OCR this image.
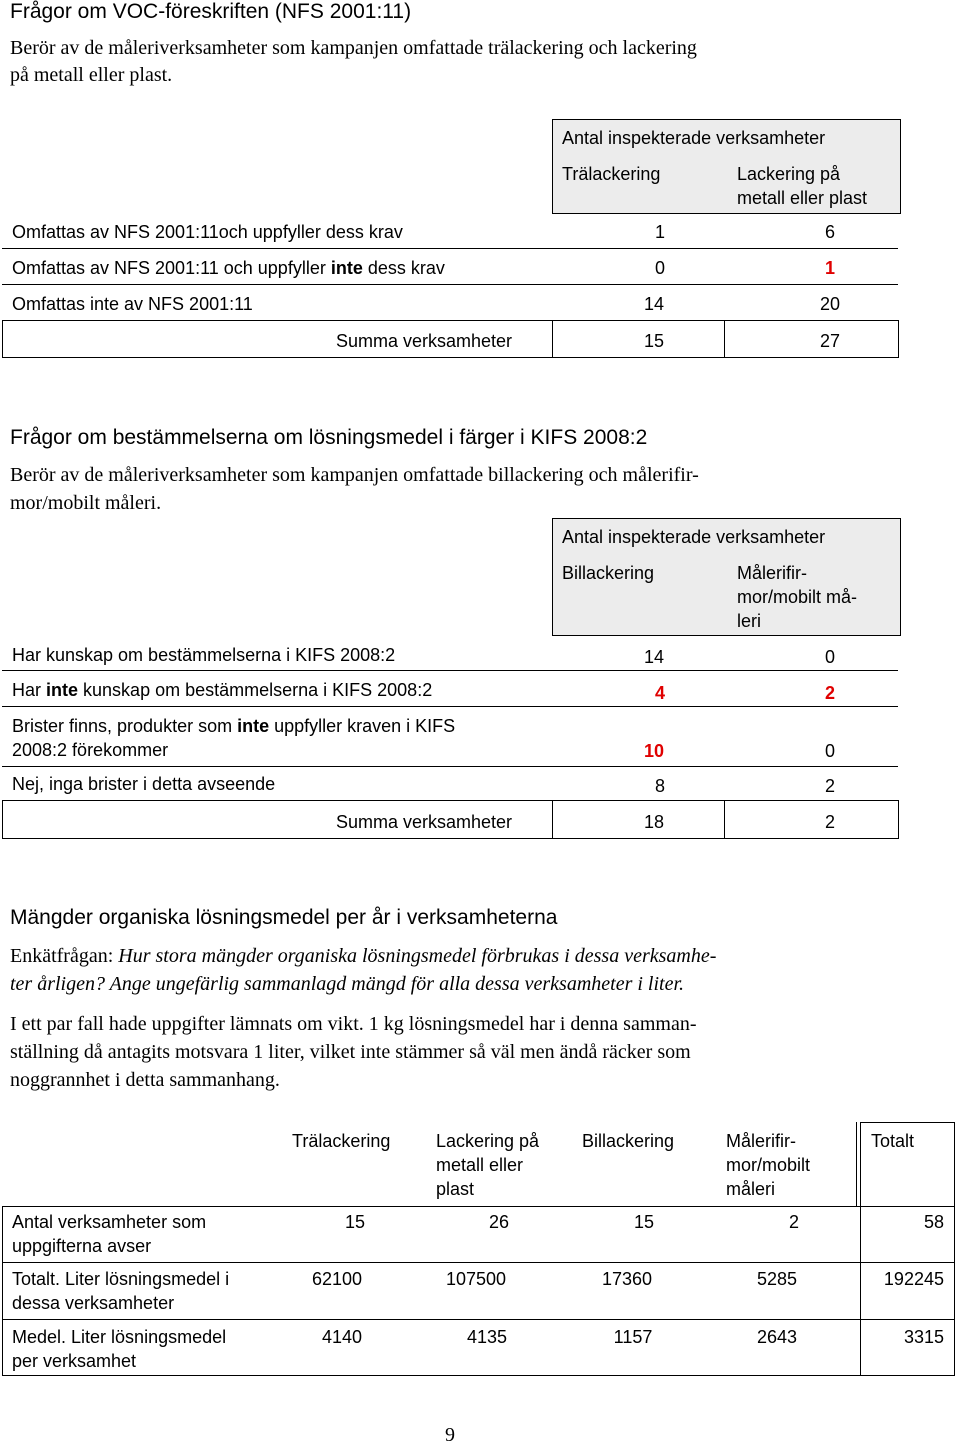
Frågor om VOC-föreskriften (NFS 2001:11)
Berör av de måleriverksamheter som kampanjen omfattade trälackering och lackering
på metall eller plast.
Antal inspekterade verksamheter
Trälackering	Lackering på
metall eller plast
Omfattas av NFS 2001:11och uppfyller dess krav	1	6
Omfattas av NFS 2001:11 och uppfyller inte dess krav	0	1
Omfattas inte av NFS 2001:11	14	20
Summa verksamheter	15	27
Frågor om bestämmelserna om lösningsmedel i färger i KIFS 2008:2
Berör av de måleriverksamheter som kampanjen omfattade billackering och målerifir-
mor/mobilt måleri.
Antal inspekterade verksamheter
Billackering	Målerifir-
mor/mobilt må-
leri
Har kunskap om bestämmelserna i KIFS 2008:2	14	0
Har inte kunskap om bestämmelserna i KIFS 2008:2	4	2
Brister finns, produkter som inte uppfyller kraven i KIFS
2008:2 förekommer	10	0
Nej, inga brister i detta avseende	8	2
Summa verksamheter	18	2
Mängder organiska lösningsmedel per år i verksamheterna
Enkätfrågan: Hur stora mängder organiska lösningsmedel förbrukas i dessa verksamhe-
ter årligen? Ange ungefärlig sammanlagd mängd för alla dessa verksamheter i liter.
I ett par fall hade uppgifter lämnats om vikt. 1 kg lösningsmedel har i denna samman-
ställning då antagits motsvara 1 liter, vilket inte stämmer så väl men ändå räcker som
noggrannhet i detta sammanhang.
Trälackering	Lackering på
metall eller
plast
Billackering	Målerifir-
mor/mobilt
måleri
Totalt
Antal verksamheter som
uppgifterna avser
15	26	15	2	58
Totalt. Liter lösningsmedel i
dessa verksamheter
62100	107500	17360	5285	192245
Medel. Liter lösningsmedel
per verksamhet
4140	4135	1157	2643	3315
9
